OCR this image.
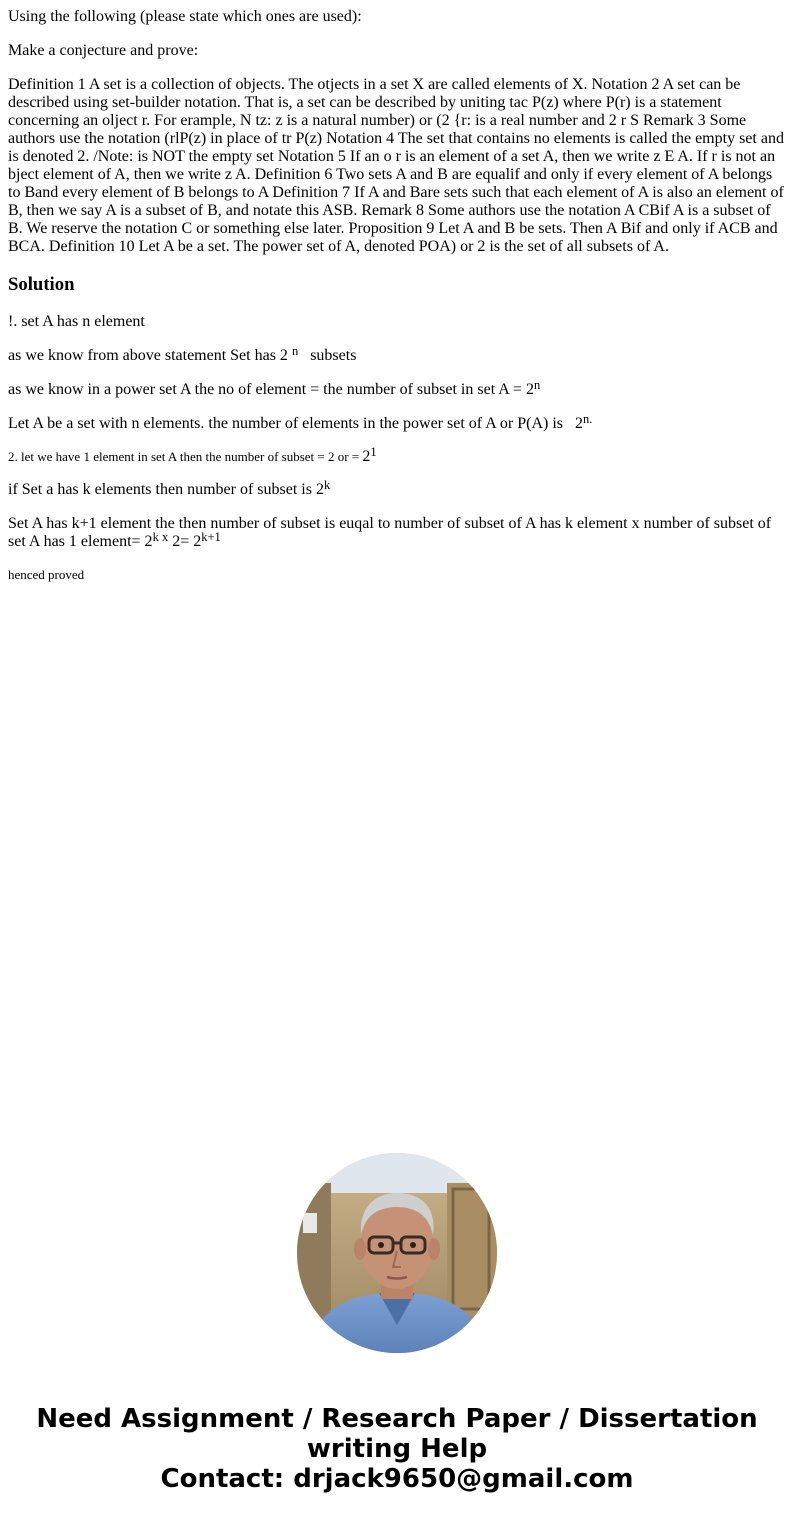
Using the following (please state which ones are used):

Make a conjecture and prove:

Definition 1 A set is a collection of objects. The otjects in a set X are called elements of X. Notation 2 A set can be described using set-builder notation. That is, a set can be described by uniting tac P(z) where P(r) is a statement concerning an olject r. For erample, N tz: z is a natural number) or (2 {r: is a real number and 2 r S Remark 3 Some authors use the notation (rlP(z) in place of tr P(z) Notation 4 The set that contains no elements is called the empty set and is denoted 2. /Note: is NOT the empty set Notation 5 If an o r is an element of a set A, then we write z E A. If r is not an bject element of A, then we write z A. Definition 6 Two sets A and B are equalif and only if every element of A belongs to Band every element of B belongs to A Definition 7 If A and Bare sets such that each element of A is also an element of B, then we say A is a subset of B, and notate this ASB. Remark 8 Some authors use the notation A CBif A is a subset of B. We reserve the notation C or something else later. Proposition 9 Let A and B be sets. Then A Bif and only if ACB and BCA. Definition 10 Let A be a set. The power set of A, denoted POA) or 2 is the set of all subsets of A.

Solution

!. set A has n element

as we know from above statement Set has 2 $^n$ subsets

as we know in a power set A the no of element = the number of subset in set $A = 2^n$

Let A be a set with n elements. the number of elements in the power set of A or P(A) is   $2^{n.}$

2. let we have 1 element in set A then the number of subset = 2 or = $2^1$

if Set a has k elements then number of subset is 2$^k$

Set A has k+1 element the then number of subset is euqal to number of subset of A has k element x number of subset of set A has 1 element= $2^{k x}$ $2= 2^{k+1}$

henced proved

Need Assignment / Research Paper / Dissertation
writing Help
Contact: drjack9650@gmail.com
